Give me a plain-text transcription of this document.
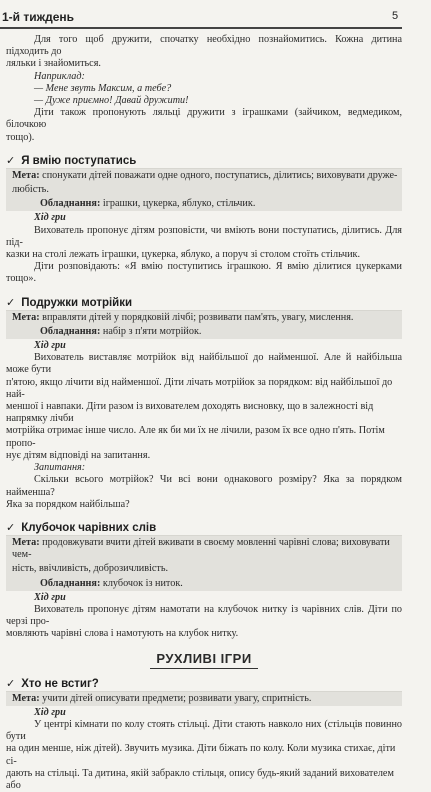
1-й тиждень	5

Для того щоб дружити, спочатку необхідно познайомитись. Кожна дитина підходить до

ляльки і знайомиться.

Наприклад:

— Мене звуть Максим, а тебе?

— Дуже приємно! Давай дружити!

Діти також пропонують ляльці дружити з іграшками (зайчиком, ведмедиком, білочкою

тощо).

✓ Я вмію поступатись
Мета: спонукати дітей поважати одне одного, поступатись, ділитись; виховувати друже-
любість.
Обладнання: іграшки, цукерка, яблуко, стільчик.

Хід гри

Вихователь пропонує дітям розповісти, чи вміють вони поступатись, ділитись. Для під-

казки на столі лежать іграшки, цукерка, яблуко, а поруч зі столом стоїть стільчик.

Діти розповідають: «Я вмію поступитись іграшкою. Я вмію ділитися цукерками тощо».

✓ Подружки мотрійки
Мета: вправляти дітей у порядковій лічбі; розвивати пам'ять, увагу, мислення.
Обладнання: набір з п'яти мотрійок.

Хід гри

Вихователь виставляє мотрійок від найбільшої до найменшої. Але й найбільша може бути

п'ятою, якщо лічити від найменшої. Діти лічать мотрійок за порядком: від найбільшої до най-

меншої і навпаки. Діти разом із вихователем доходять висновку, що в залежності від напрямку лічби

мотрійка отримає інше число. Але як би ми їх не лічили, разом їх все одно п'ять. Потім пропо-

нує дітям відповіді на запитання.

Запитання:

Скільки всього мотрійок? Чи всі вони однакового розміру? Яка за порядком найменша?

Яка за порядком найбільша?

✓ Клубочок чарівних слів
Мета: продовжувати вчити дітей вживати в своєму мовленні чарівні слова; виховувати чем-
ність, ввічливість, доброзичливість.
Обладнання: клубочок із ниток.

Хід гри

Вихователь пропонує дітям намотати на клубочок нитку із чарівних слів. Діти по черзі про-

мовляють чарівні слова і намотують на клубок нитку.

РУХЛИВІ ІГРИ
✓ Хто не встиг?
Мета: учити дітей описувати предмети; розвивати увагу, спритність.

Хід гри

У центрі кімнати по колу стоять стільці. Діти стають навколо них (стільців повинно бути

на один менше, ніж дітей). Звучить музика. Діти біжать по колу. Коли музика стихає, діти сі-

дають на стільці. Та дитина, якій забракло стільця, опису будь-який заданий вихователем або
